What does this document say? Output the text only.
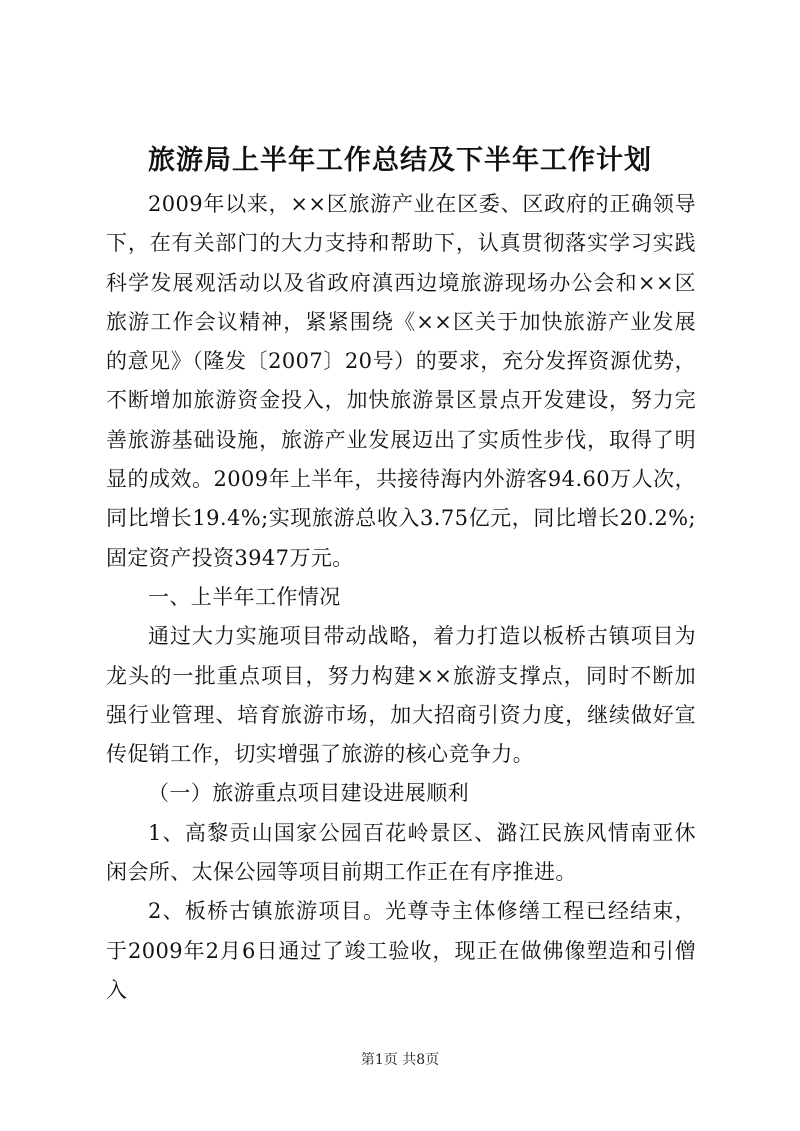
旅游局上半年工作总结及下半年工作计划

2009年以来，××区旅游产业在区委、区政府的正确领导下，在有关部门的大力支持和帮助下，认真贯彻落实学习实践科学发展观活动以及省政府滇西边境旅游现场办公会和××区旅游工作会议精神，紧紧围绕《××区关于加快旅游产业发展的意见》（隆发〔2007〕20号）的要求，充分发挥资源优势，不断增加旅游资金投入，加快旅游景区景点开发建设，努力完善旅游基础设施，旅游产业发展迈出了实质性步伐，取得了明显的成效。2009年上半年，共接待海内外游客94.60万人次，同比增长19.4%;实现旅游总收入3.75亿元，同比增长20.2%;固定资产投资3947万元。

一、上半年工作情况

通过大力实施项目带动战略，着力打造以板桥古镇项目为龙头的一批重点项目，努力构建××旅游支撑点，同时不断加强行业管理、培育旅游市场，加大招商引资力度，继续做好宣传促销工作，切实增强了旅游的核心竞争力。

（一）旅游重点项目建设进展顺利

1、高黎贡山国家公园百花岭景区、潞江民族风情南亚休闲会所、太保公园等项目前期工作正在有序推进。

2、板桥古镇旅游项目。光尊寺主体修缮工程已经结束，于2009年2月6日通过了竣工验收，现正在做佛像塑造和引僧入

第1页 共8页
